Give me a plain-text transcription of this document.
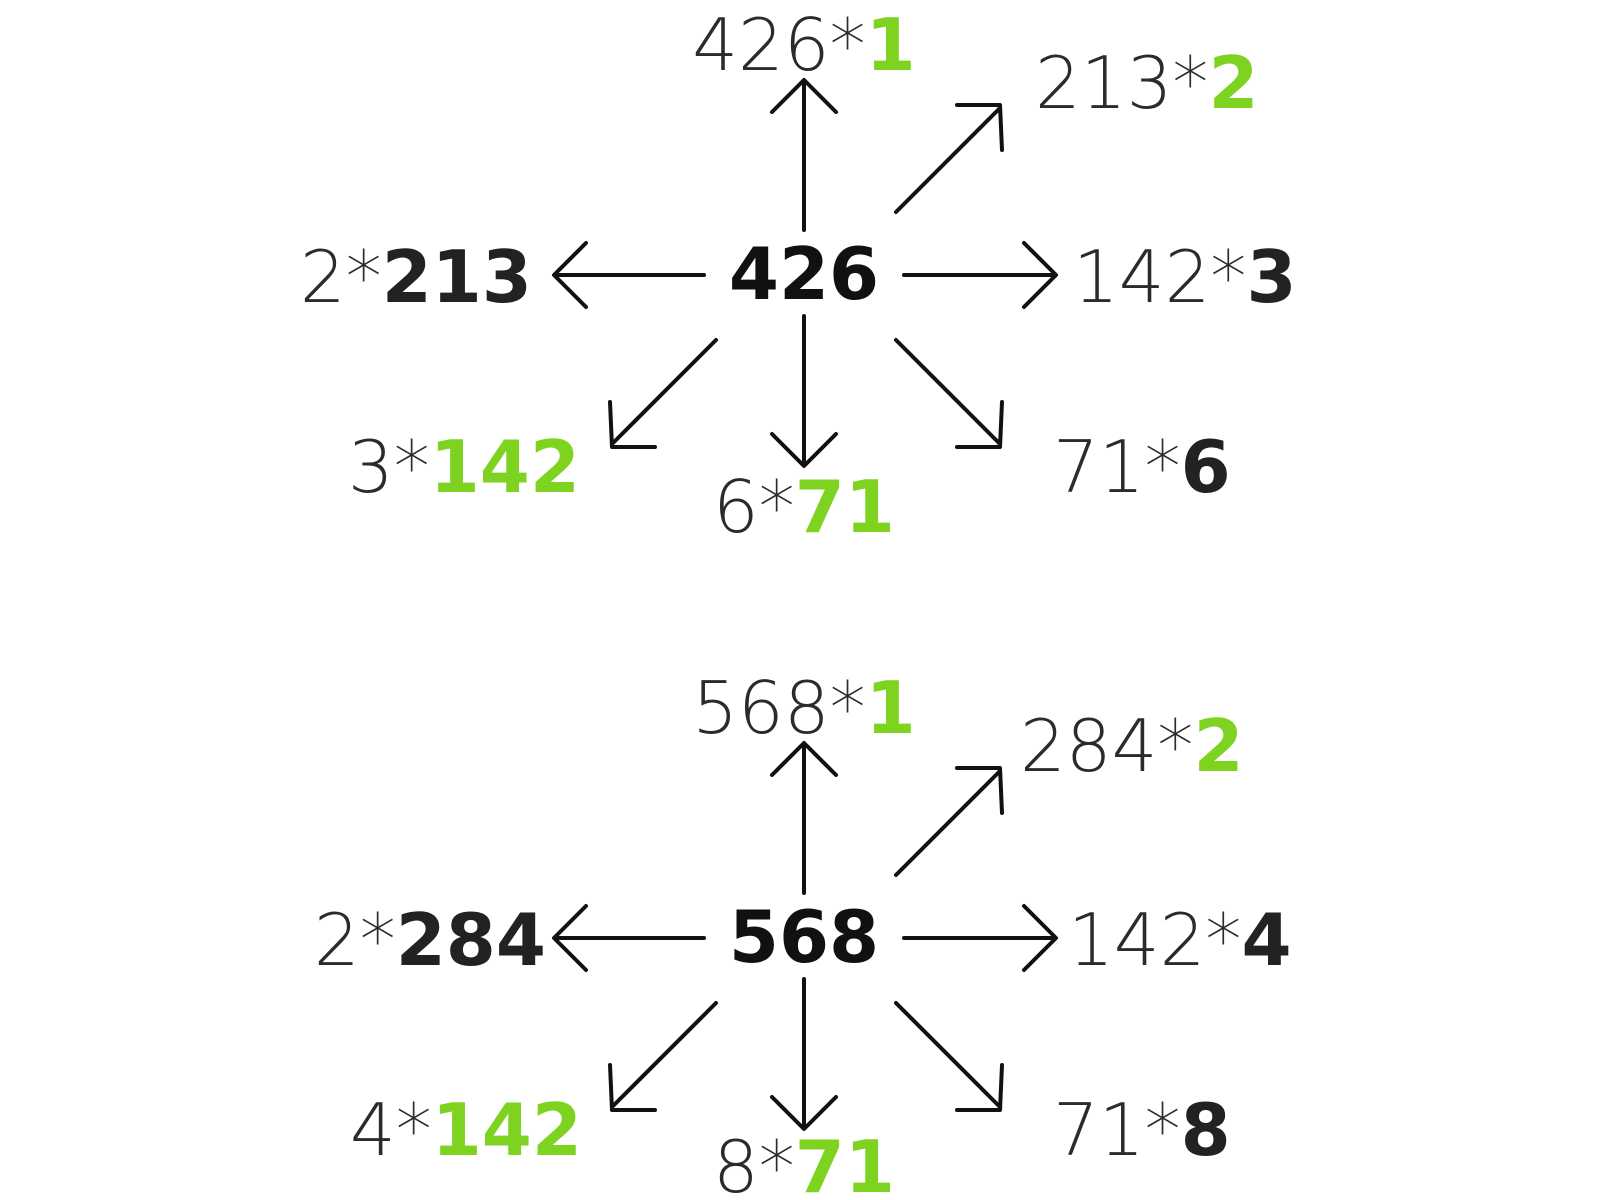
426
426*1 213*2
142*3
71*6
6*71
3*142
2*213
568
568*1 284*2
142*4
71*8
8*71
4*142
2*284
